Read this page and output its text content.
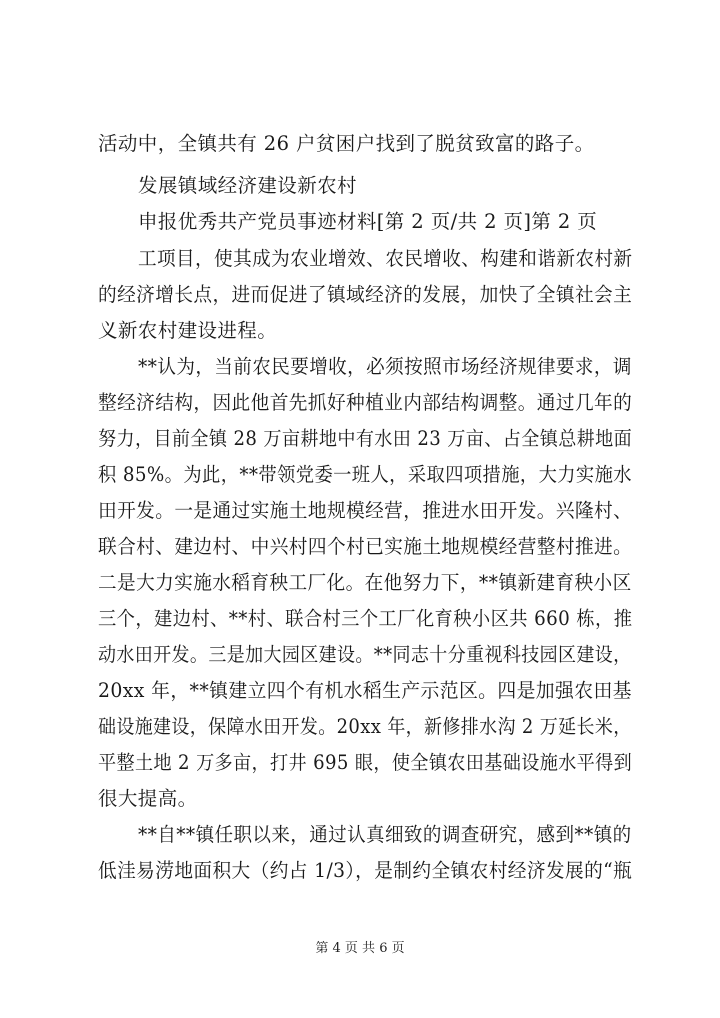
活动中，全镇共有 26 户贫困户找到了脱贫致富的路子。
发展镇域经济建设新农村
申报优秀共产党员事迹材料[第 2 页/共 2 页]第 2 页
工项目，使其成为农业增效、农民增收、构建和谐新农村新
的经济增长点，进而促进了镇域经济的发展，加快了全镇社会主
义新农村建设进程。
**认为，当前农民要增收，必须按照市场经济规律要求，调
整经济结构，因此他首先抓好种植业内部结构调整。通过几年的
努力，目前全镇 28 万亩耕地中有水田 23 万亩、占全镇总耕地面
积 85%。为此，**带领党委一班人，采取四项措施，大力实施水
田开发。一是通过实施土地规模经营，推进水田开发。兴隆村、
联合村、建边村、中兴村四个村已实施土地规模经营整村推进。
二是大力实施水稻育秧工厂化。在他努力下，**镇新建育秧小区
三个，建边村、**村、联合村三个工厂化育秧小区共 660 栋，推
动水田开发。三是加大园区建设。**同志十分重视科技园区建设，
20xx 年，**镇建立四个有机水稻生产示范区。四是加强农田基
础设施建设，保障水田开发。20xx 年，新修排水沟 2 万延长米，
平整土地 2 万多亩，打井 695 眼，使全镇农田基础设施水平得到
很大提高。
**自**镇任职以来，通过认真细致的调查研究，感到**镇的
低洼易涝地面积大（约占 1/3），是制约全镇农村经济发展的“瓶
第 4 页 共 6 页
